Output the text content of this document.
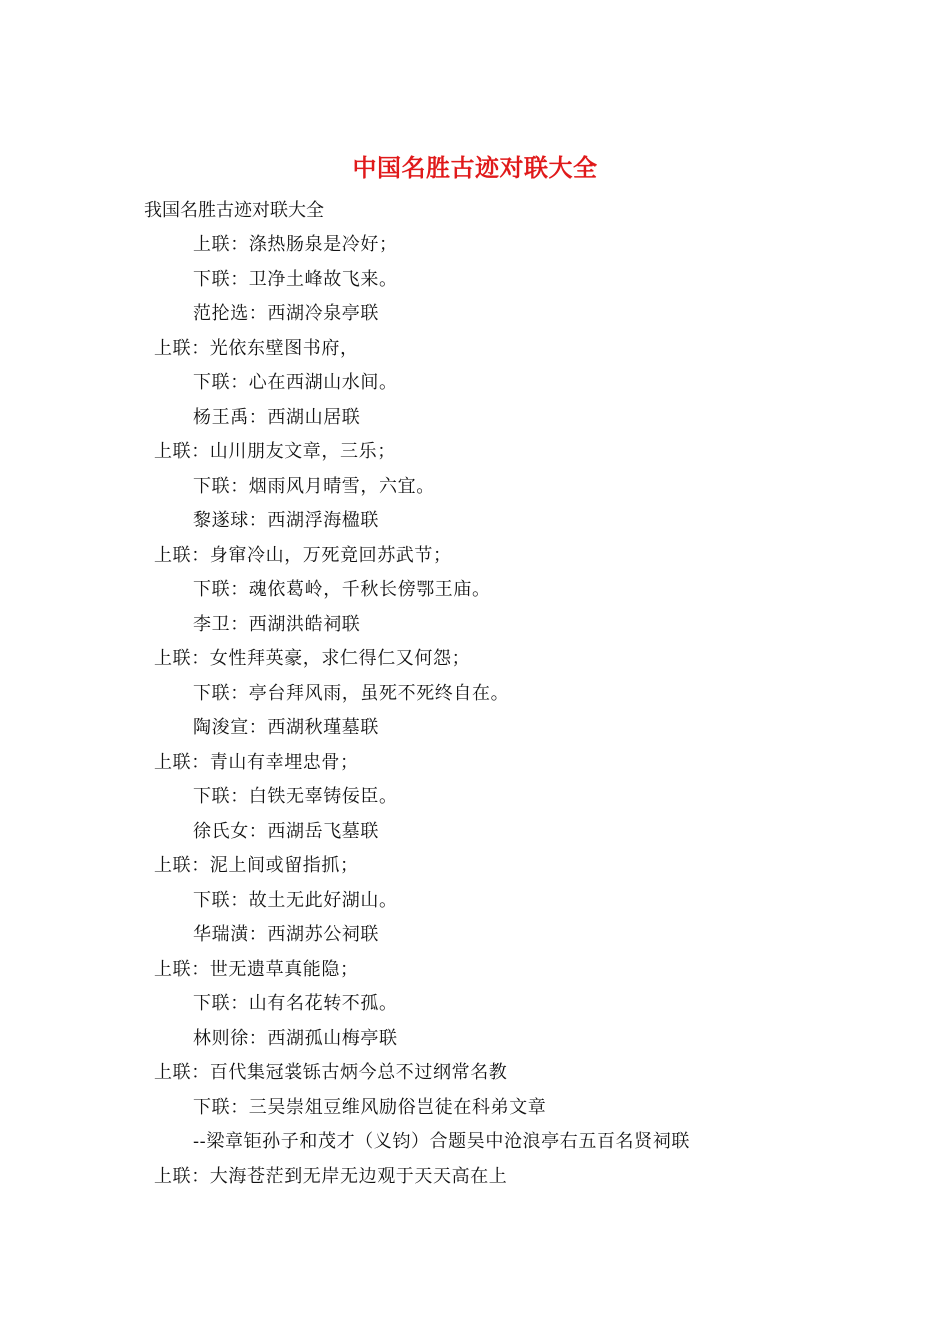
中国名胜古迹对联大全
我国名胜古迹对联大全
上联：涤热肠泉是冷好；
下联：卫净土峰故飞来。
范抡选：西湖冷泉亭联
上联：光依东壁图书府，
下联：心在西湖山水间。
杨王禹：西湖山居联
上联：山川朋友文章，三乐；
下联：烟雨风月晴雪，六宜。
黎遂球：西湖浮海楹联
上联：身窜冷山，万死竟回苏武节；
下联：魂依葛岭，千秋长傍鄂王庙。
李卫：西湖洪皓祠联
上联：女性拜英豪，求仁得仁又何怨；
下联：亭台拜风雨，虽死不死终自在。
陶浚宣：西湖秋瑾墓联
上联：青山有幸埋忠骨；
下联：白铁无辜铸佞臣。
徐氏女：西湖岳飞墓联
上联：泥上间或留指抓；
下联：故土无此好湖山。
华瑞潢：西湖苏公祠联
上联：世无遗草真能隐；
下联：山有名花转不孤。
林则徐：西湖孤山梅亭联
上联：百代集冠裳铄古炳今总不过纲常名教
下联：三吴崇俎豆维风励俗岂徒在科弟文章
--梁章钜孙子和茂才（义钧）合题吴中沧浪亭右五百名贤祠联
上联：大海苍茫到无岸无边观于天天高在上
